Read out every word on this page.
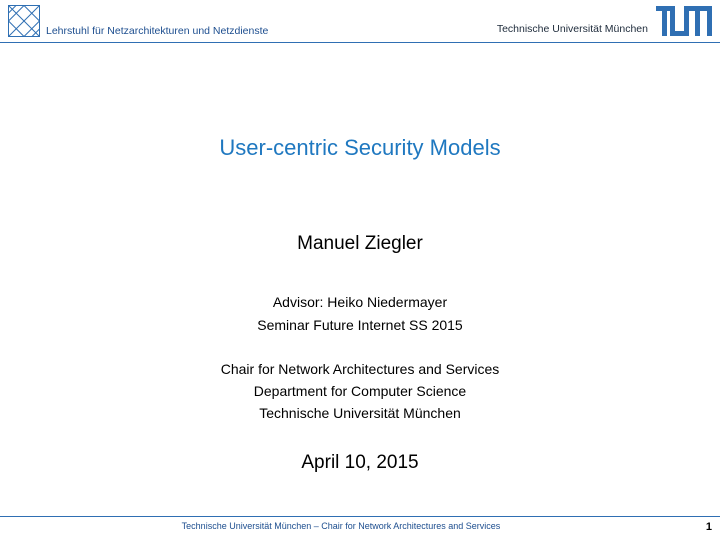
Lehrstuhl für Netzarchitekturen und Netzdienste	Technische Universität München
User-centric Security Models
Manuel Ziegler
Advisor: Heiko Niedermayer
Seminar Future Internet SS 2015
Chair for Network Architectures and Services
Department for Computer Science
Technische Universität München
April 10, 2015
Technische Universität München – Chair for Network Architectures and Services	1
